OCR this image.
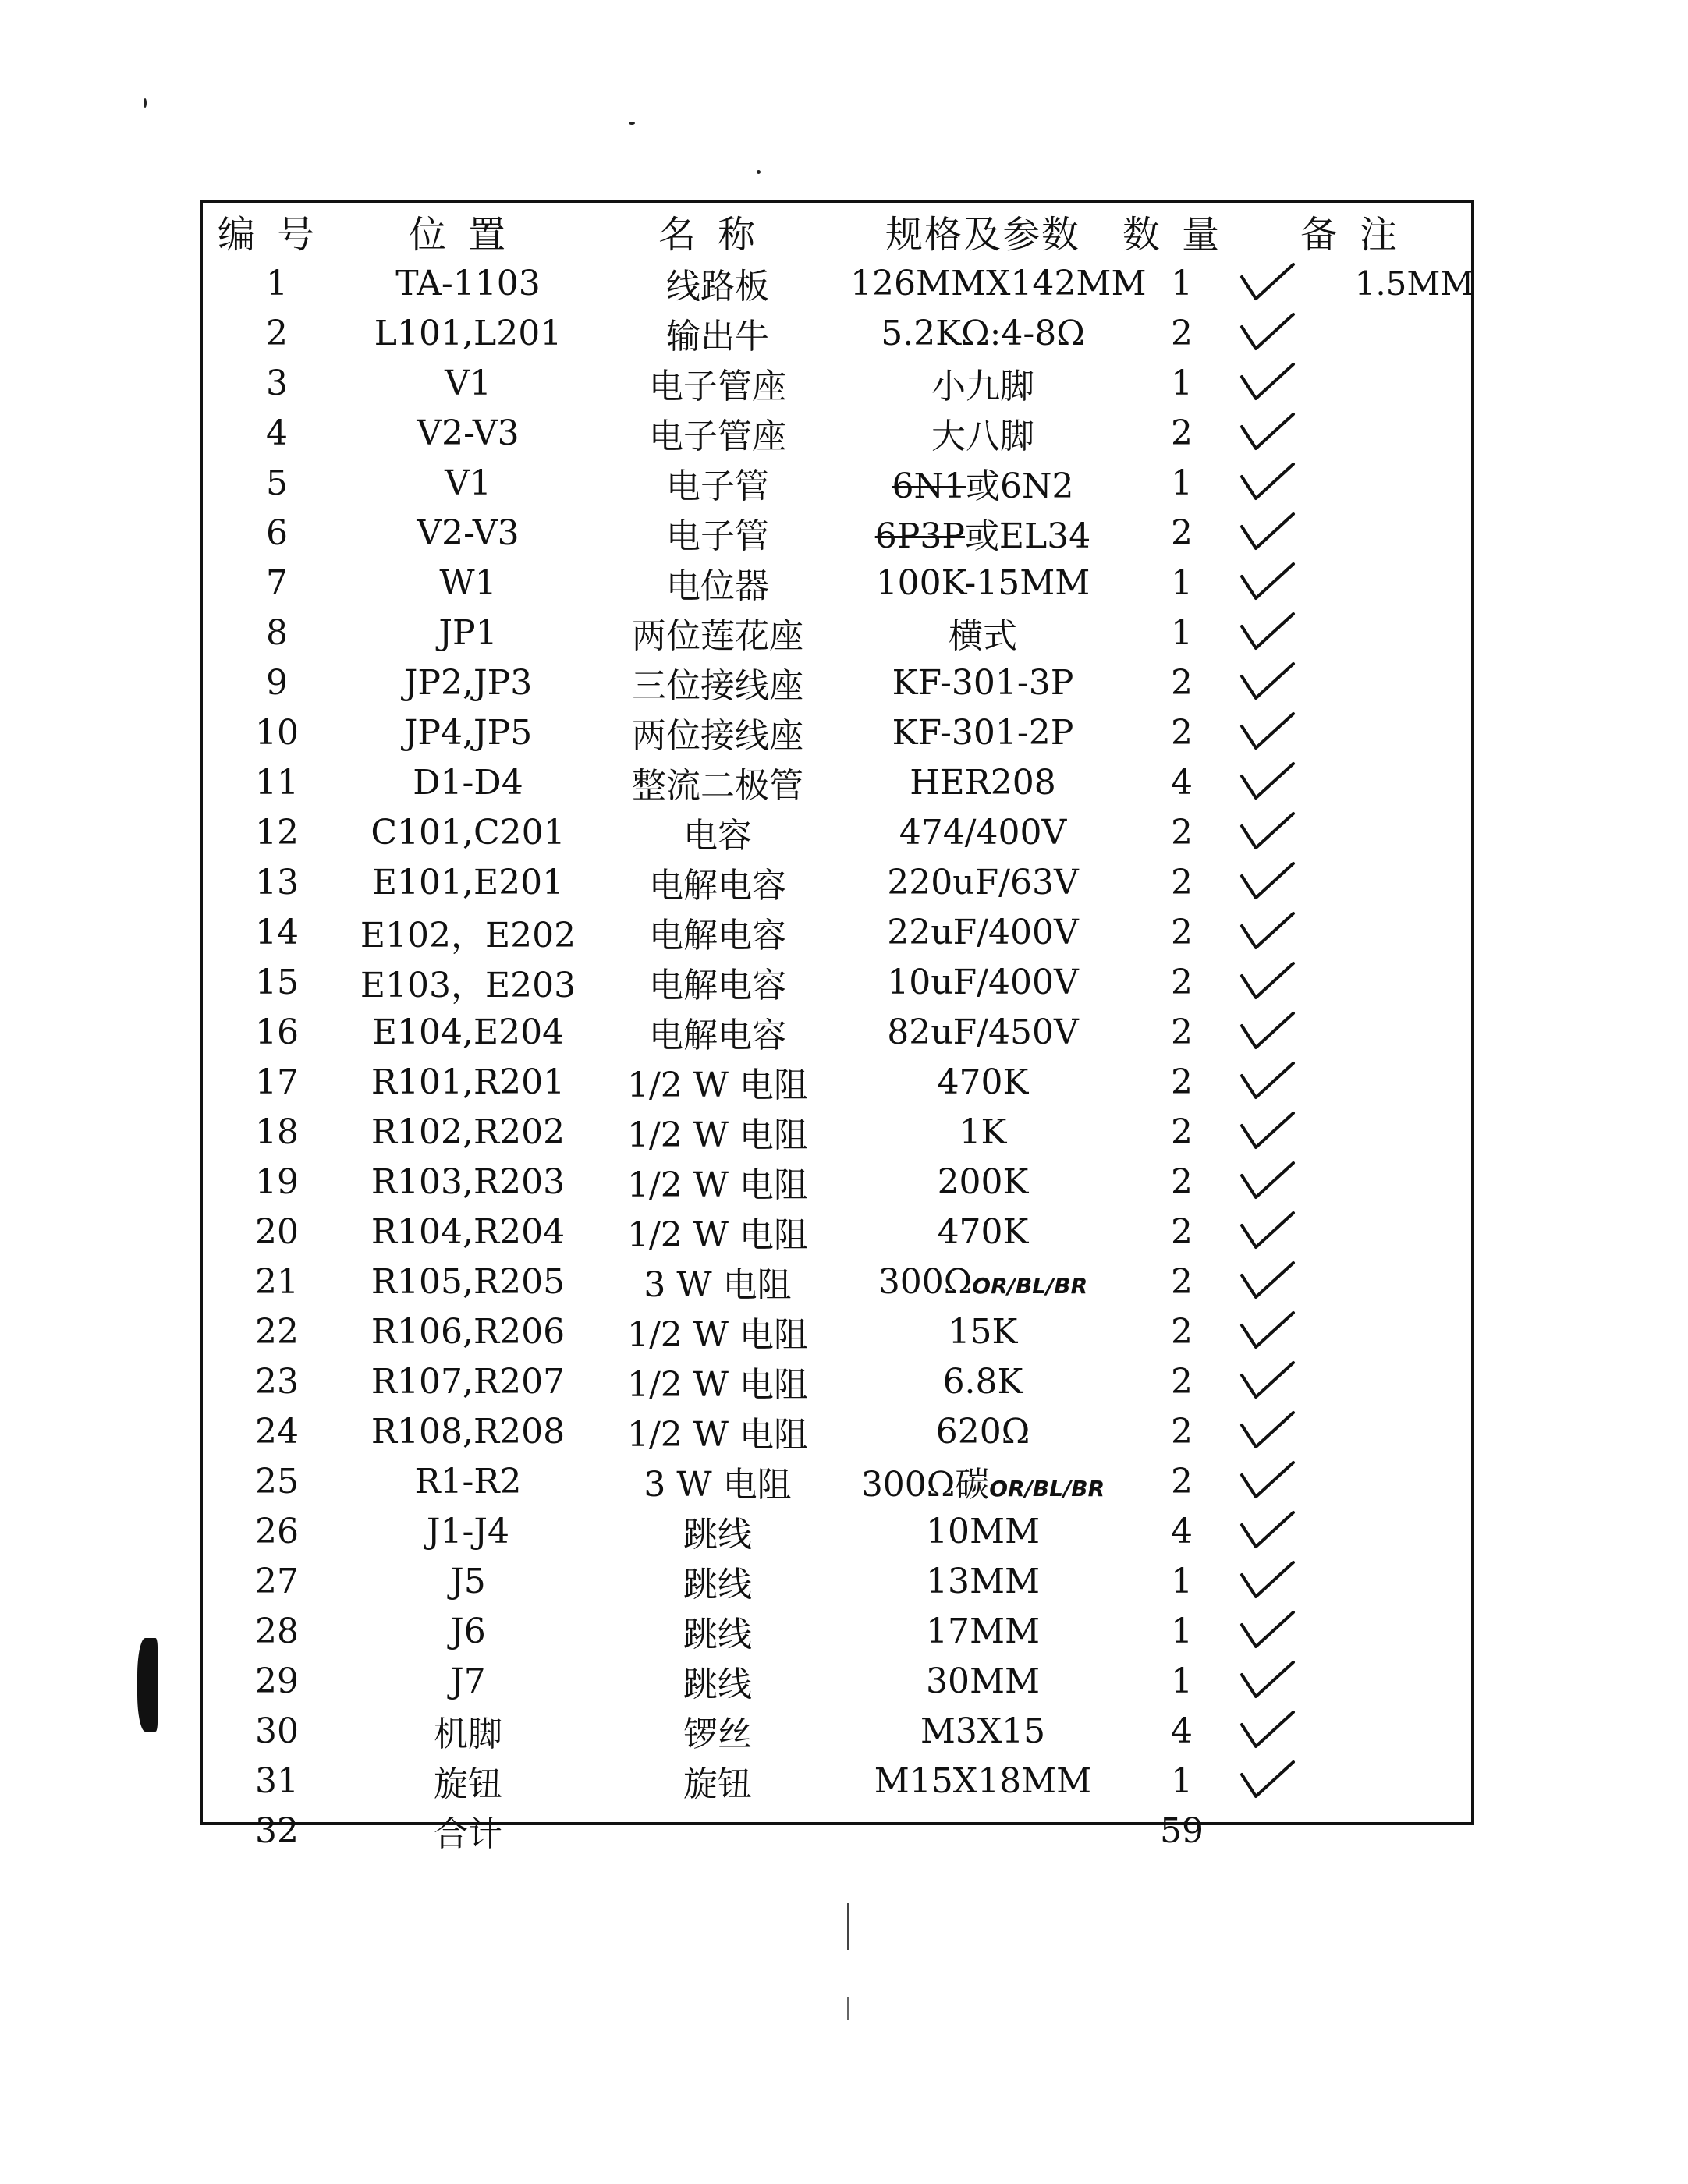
编号	位置	名称	规格及参数	数量	备注
1	TA-1103	线路板	126MMX142MM	1	1.5MM
2	L101,L201	输出牛	5.2KΩ:4-8Ω	2	

3	V1	电子管座	小九脚	1	

4	V2-V3	电子管座	大八脚	2	

5	V1	电子管	6N1或6N2	1	

6	V2-V3	电子管	6P3P或EL34	2	

7	W1	电位器	100K-15MM	1	

8	JP1	两位莲花座	横式	1	

9	JP2,JP3	三位接线座	KF-301-3P	2	

10	JP4,JP5	两位接线座	KF-301-2P	2	

11	D1-D4	整流二极管	HER208	4	

12	C101,C201	电容	474/400V	2	

13	E101,E201	电解电容	220uF/63V	2	

14	E102，E202	电解电容	22uF/400V	2	

15	E103，E203	电解电容	10uF/400V	2	

16	E104,E204	电解电容	82uF/450V	2	

17	R101,R201	1/2 W 电阻	470K	2	

18	R102,R202	1/2 W 电阻	1K	2	

19	R103,R203	1/2 W 电阻	200K	2	

20	R104,R204	1/2 W 电阻	470K	2	

21	R105,R205	3 W 电阻	300ΩOR/BL/BR	2	

22	R106,R206	1/2 W 电阻	15K	2	

23	R107,R207	1/2 W 电阻	6.8K	2	

24	R108,R208	1/2 W 电阻	620Ω	2	

25	R1-R2	3 W 电阻	300Ω碳OR/BL/BR	2	

26	J1-J4	跳线	10MM	4	

27	J5	跳线	13MM	1	

28	J6	跳线	17MM	1	

29	J7	跳线	30MM	1	

30	机脚	锣丝	M3X15	4	

31	旋钮	旋钮	M15X18MM	1	

32	合计			59	
